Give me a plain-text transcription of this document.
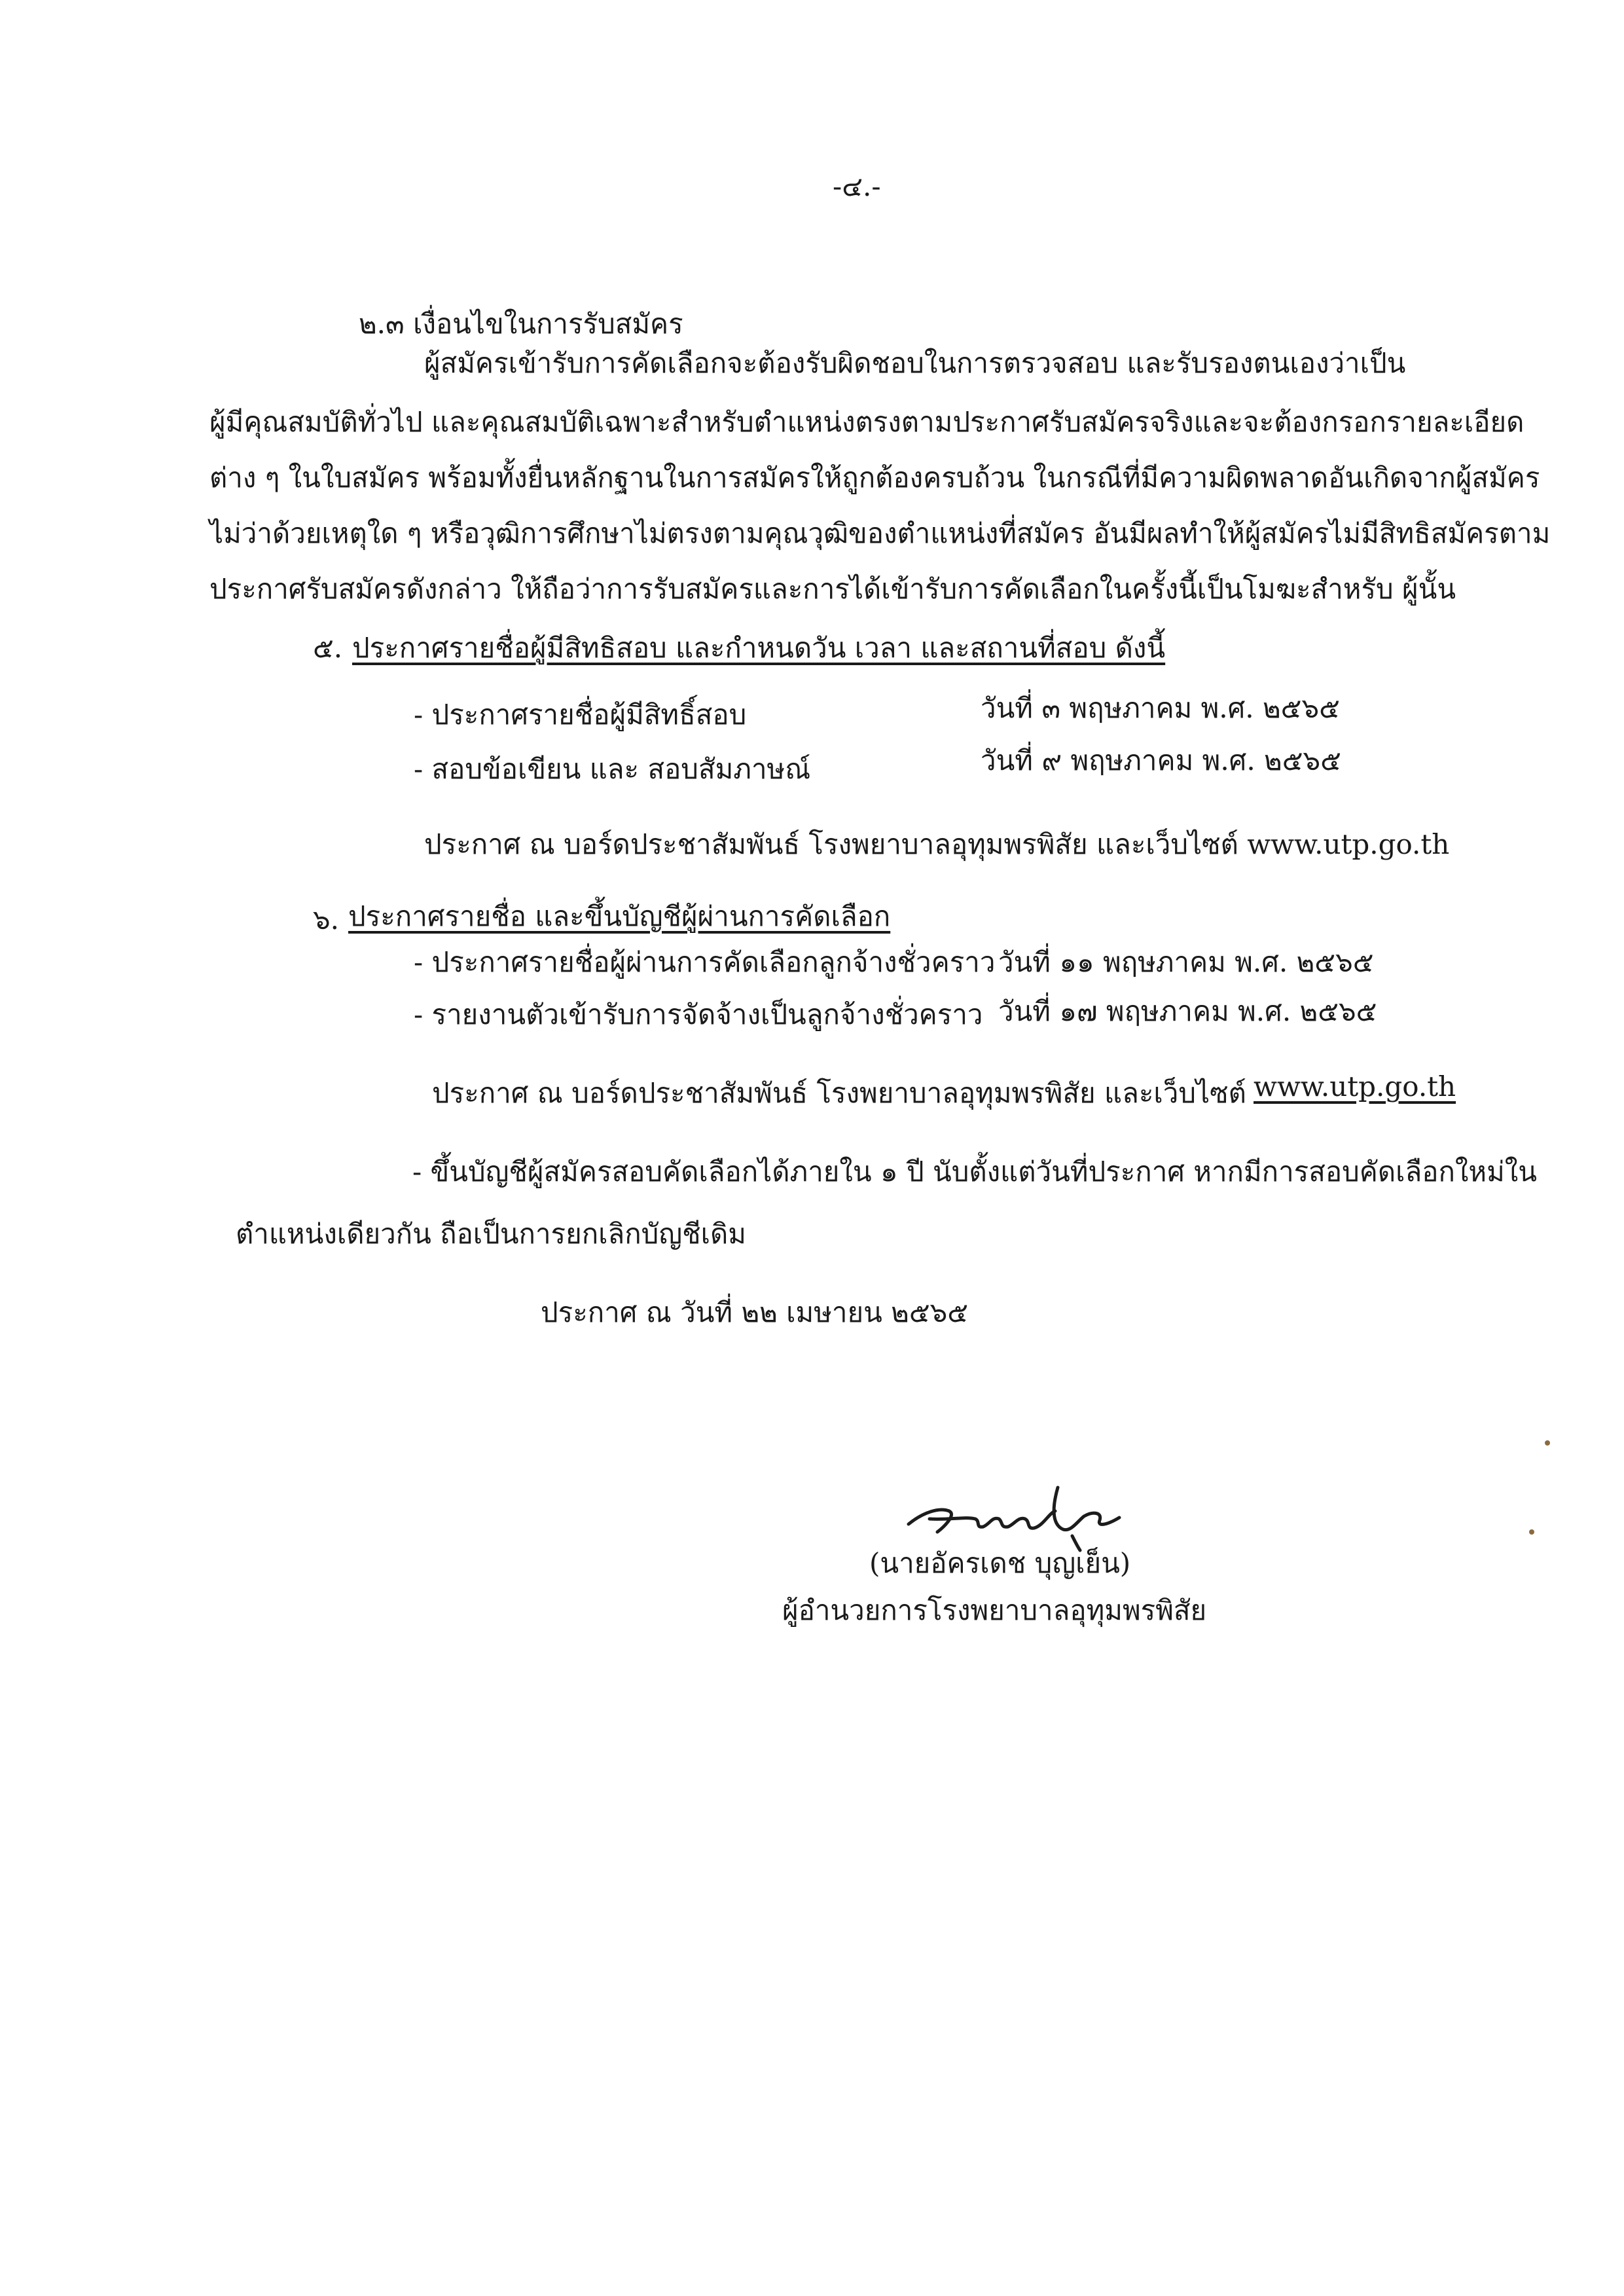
-๔.-
๒.๓ เงื่อนไขในการรับสมัคร
ผู้สมัครเข้ารับการคัดเลือกจะต้องรับผิดชอบในการตรวจสอบ และรับรองตนเองว่าเป็น
ผู้มีคุณสมบัติทั่วไป และคุณสมบัติเฉพาะสำหรับตำแหน่งตรงตามประกาศรับสมัครจริงและจะต้องกรอกรายละเอียด
ต่าง ๆ ในใบสมัคร พร้อมทั้งยื่นหลักฐานในการสมัครให้ถูกต้องครบถ้วน ในกรณีที่มีความผิดพลาดอันเกิดจากผู้สมัคร
ไม่ว่าด้วยเหตุใด ๆ หรือวุฒิการศึกษาไม่ตรงตามคุณวุฒิของตำแหน่งที่สมัคร อันมีผลทำให้ผู้สมัครไม่มีสิทธิสมัครตาม
ประกาศรับสมัครดังกล่าว ให้ถือว่าการรับสมัครและการได้เข้ารับการคัดเลือกในครั้งนี้เป็นโมฆะสำหรับ ผู้นั้น
๕. ประกาศรายชื่อผู้มีสิทธิสอบ และกำหนดวัน เวลา และสถานที่สอบ ดังนี้
- ประกาศรายชื่อผู้มีสิทธิ์สอบ	วันที่ ๓ พฤษภาคม พ.ศ. ๒๕๖๕
- สอบข้อเขียน และ สอบสัมภาษณ์	วันที่ ๙ พฤษภาคม พ.ศ. ๒๕๖๕
ประกาศ ณ บอร์ดประชาสัมพันธ์ โรงพยาบาลอุทุมพรพิสัย และเว็บไซต์ www.utp.go.th
๖. ประกาศรายชื่อ และขึ้นบัญชีผู้ผ่านการคัดเลือก
- ประกาศรายชื่อผู้ผ่านการคัดเลือกลูกจ้างชั่วคราว วันที่ ๑๑ พฤษภาคม พ.ศ. ๒๕๖๕
- รายงานตัวเข้ารับการจัดจ้างเป็นลูกจ้างชั่วคราว วันที่ ๑๗ พฤษภาคม พ.ศ. ๒๕๖๕
ประกาศ ณ บอร์ดประชาสัมพันธ์ โรงพยาบาลอุทุมพรพิสัย และเว็บไซต์ www.utp.go.th
- ขึ้นบัญชีผู้สมัครสอบคัดเลือกได้ภายใน ๑ ปี นับตั้งแต่วันที่ประกาศ หากมีการสอบคัดเลือกใหม่ใน
ตำแหน่งเดียวกัน ถือเป็นการยกเลิกบัญชีเดิม
ประกาศ ณ วันที่ ๒๒ เมษายน ๒๕๖๕
(นายอัครเดช บุญเย็น)
ผู้อำนวยการโรงพยาบาลอุทุมพรพิสัย
